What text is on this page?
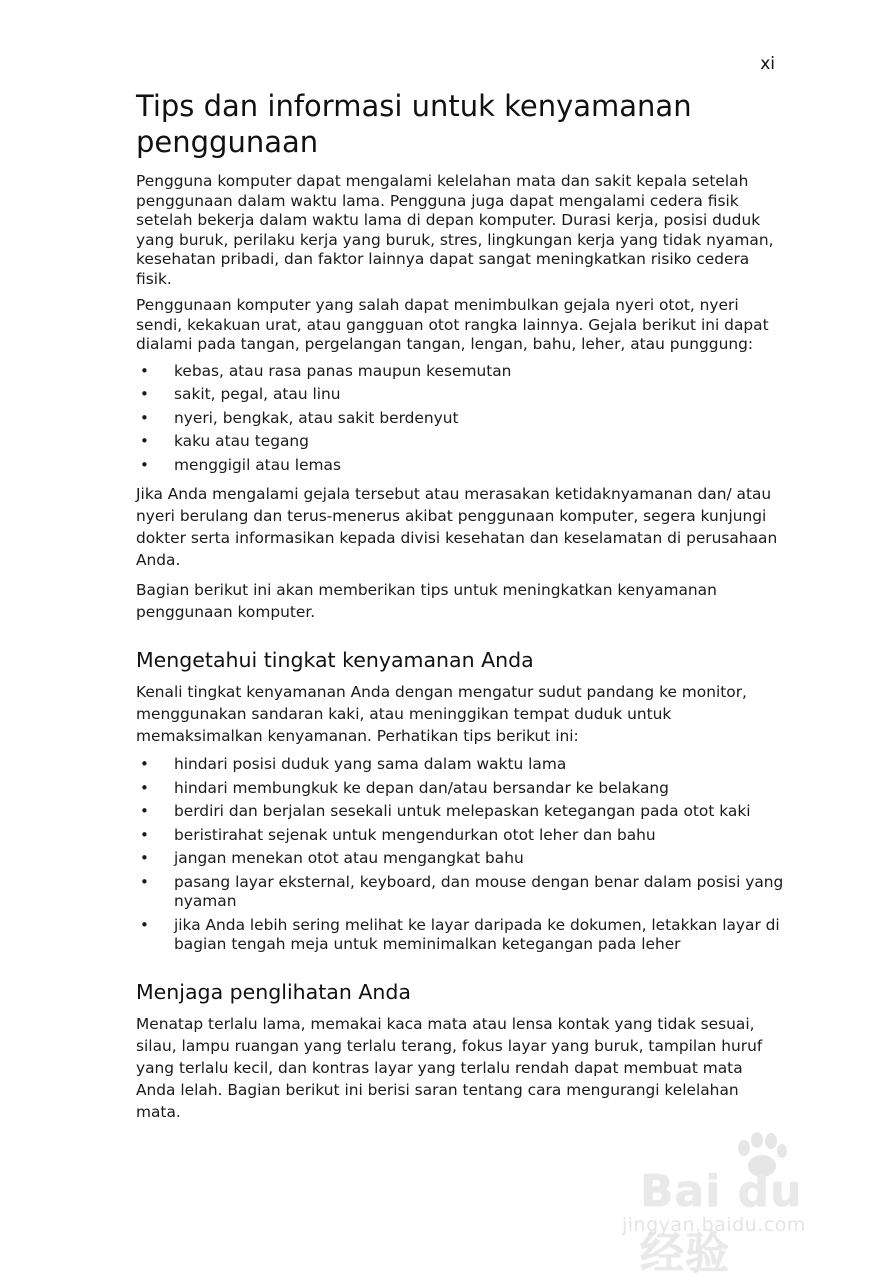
xi
Tips dan informasi untuk kenyamanan penggunaan

Pengguna komputer dapat mengalami kelelahan mata dan sakit kepala setelah penggunaan dalam waktu lama. Pengguna juga dapat mengalami cedera fisik setelah bekerja dalam waktu lama di depan komputer. Durasi kerja, posisi duduk yang buruk, perilaku kerja yang buruk, stres, lingkungan kerja yang tidak nyaman, kesehatan pribadi, dan faktor lainnya dapat sangat meningkatkan risiko cedera fisik.

Penggunaan komputer yang salah dapat menimbulkan gejala nyeri otot, nyeri sendi, kekakuan urat, atau gangguan otot rangka lainnya. Gejala berikut ini dapat dialami pada tangan, pergelangan tangan, lengan, bahu, leher, atau punggung:

• kebas, atau rasa panas maupun kesemutan
• sakit, pegal, atau linu
• nyeri, bengkak, atau sakit berdenyut
• kaku atau tegang
• menggigil atau lemas

Jika Anda mengalami gejala tersebut atau merasakan ketidaknyamanan dan/ atau nyeri berulang dan terus-menerus akibat penggunaan komputer, segera kunjungi dokter serta informasikan kepada divisi kesehatan dan keselamatan di perusahaan Anda.

Bagian berikut ini akan memberikan tips untuk meningkatkan kenyamanan penggunaan komputer.

Mengetahui tingkat kenyamanan Anda

Kenali tingkat kenyamanan Anda dengan mengatur sudut pandang ke monitor, menggunakan sandaran kaki, atau meninggikan tempat duduk untuk memaksimalkan kenyamanan. Perhatikan tips berikut ini:

• hindari posisi duduk yang sama dalam waktu lama
• hindari membungkuk ke depan dan/atau bersandar ke belakang
• berdiri dan berjalan sesekali untuk melepaskan ketegangan pada otot kaki
• beristirahat sejenak untuk mengendurkan otot leher dan bahu
• jangan menekan otot atau mengangkat bahu
• pasang layar eksternal, keyboard, dan mouse dengan benar dalam posisi yang nyaman
• jika Anda lebih sering melihat ke layar daripada ke dokumen, letakkan layar di bagian tengah meja untuk meminimalkan ketegangan pada leher
Menjaga penglihatan Anda

Menatap terlalu lama, memakai kaca mata atau lensa kontak yang tidak sesuai, silau, lampu ruangan yang terlalu terang, fokus layar yang buruk, tampilan huruf yang terlalu kecil, dan kontras layar yang terlalu rendah dapat membuat mata Anda lelah. Bagian berikut ini berisi saran tentang cara mengurangi kelelahan mata.

Bai du 经验
jingyan.baidu.com
